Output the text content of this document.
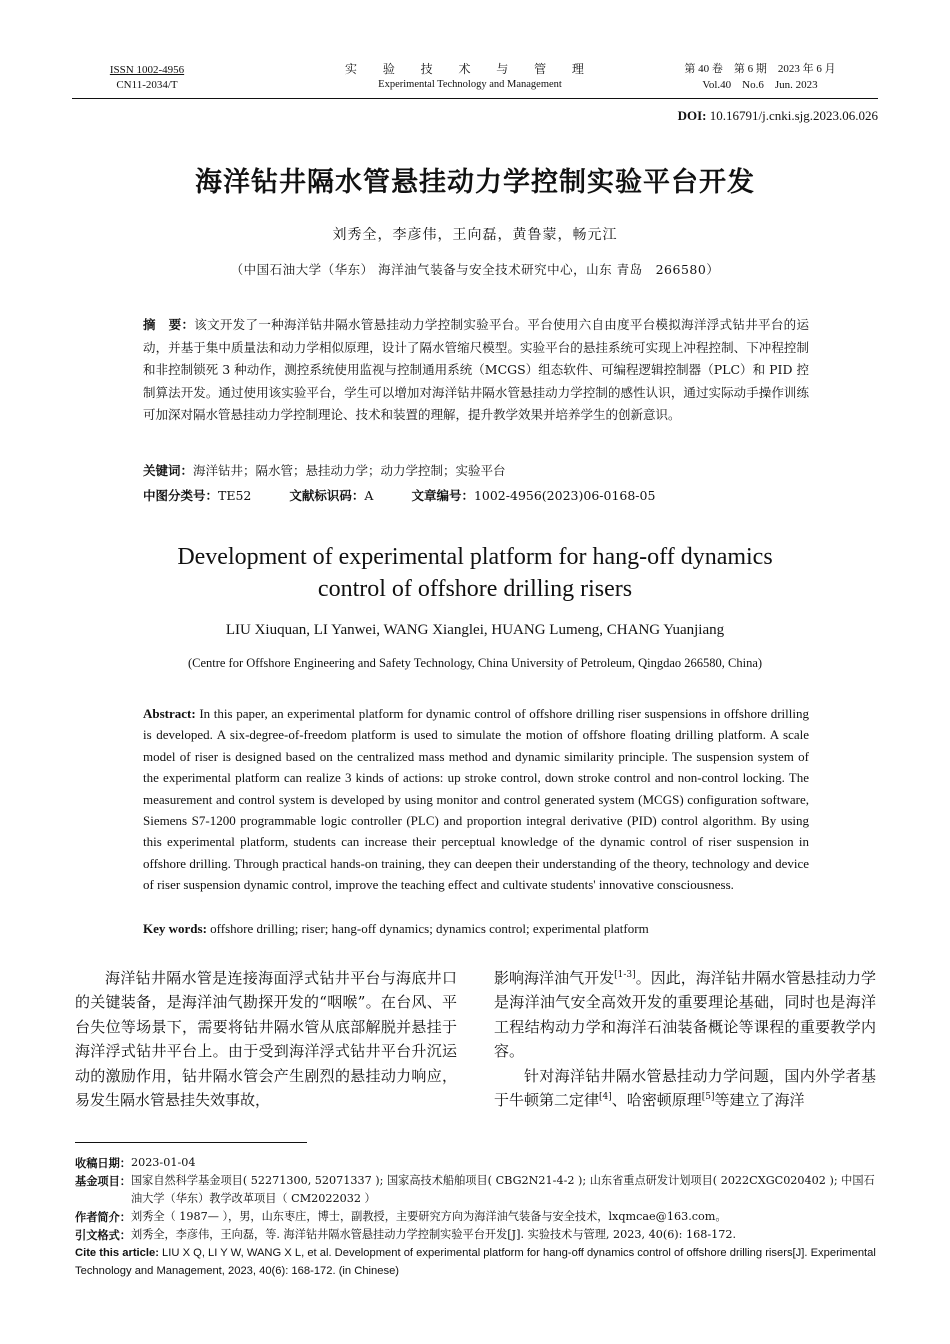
ISSN 1002-4956
CN11-2034/T
实 验 技 术 与 管 理
Experimental Technology and Management
第 40 卷　第 6 期　2023 年 6 月
Vol.40　No.6　Jun. 2023
DOI: 10.16791/j.cnki.sjg.2023.06.026
海洋钻井隔水管悬挂动力学控制实验平台开发
刘秀全，李彦伟，王向磊，黄鲁蒙，畅元江
（中国石油大学（华东） 海洋油气装备与安全技术研究中心，山东 青岛　266580）
摘　要：该文开发了一种海洋钻井隔水管悬挂动力学控制实验平台。平台使用六自由度平台模拟海洋浮式钻井平台的运动，并基于集中质量法和动力学相似原理，设计了隔水管缩尺模型。实验平台的悬挂系统可实现上冲程控制、下冲程控制和非控制锁死 3 种动作，测控系统使用监视与控制通用系统（MCGS）组态软件、可编程逻辑控制器（PLC）和 PID 控制算法开发。通过使用该实验平台，学生可以增加对海洋钻井隔水管悬挂动力学控制的感性认识，通过实际动手操作训练可加深对隔水管悬挂动力学控制理论、技术和装置的理解，提升教学效果并培养学生的创新意识。
关键词：海洋钻井；隔水管；悬挂动力学；动力学控制；实验平台
中图分类号：TE52	文献标识码：A	文章编号：1002-4956(2023)06-0168-05
Development of experimental platform for hang-off dynamics
control of offshore drilling risers
LIU Xiuquan, LI Yanwei, WANG Xianglei, HUANG Lumeng, CHANG Yuanjiang
(Centre for Offshore Engineering and Safety Technology, China University of Petroleum, Qingdao 266580, China)
Abstract: In this paper, an experimental platform for dynamic control of offshore drilling riser suspensions in offshore drilling is developed. A six-degree-of-freedom platform is used to simulate the motion of offshore floating drilling platform. A scale model of riser is designed based on the centralized mass method and dynamic similarity principle. The suspension system of the experimental platform can realize 3 kinds of actions: up stroke control, down stroke control and non-control locking. The measurement and control system is developed by using monitor and control generated system (MCGS) configuration software, Siemens S7-1200 programmable logic controller (PLC) and proportion integral derivative (PID) control algorithm. By using this experimental platform, students can increase their perceptual knowledge of the dynamic control of riser suspension in offshore drilling. Through practical hands-on training, they can deepen their understanding of the theory, technology and device of riser suspension dynamic control, improve the teaching effect and cultivate students' innovative consciousness.
Key words: offshore drilling; riser; hang-off dynamics; dynamics control; experimental platform

海洋钻井隔水管是连接海面浮式钻井平台与海底井口的关键装备，是海洋油气勘探开发的“咽喉”。在台风、平台失位等场景下，需要将钻井隔水管从底部解脱并悬挂于海洋浮式钻井平台上。由于受到海洋浮式钻井平台升沉运动的激励作用，钻井隔水管会产生剧烈的悬挂动力响应，易发生隔水管悬挂失效事故，

影响海洋油气开发[1-3]。因此，海洋钻井隔水管悬挂动力学是海洋油气安全高效开发的重要理论基础，同时也是海洋工程结构动力学和海洋石油装备概论等课程的重要教学内容。

针对海洋钻井隔水管悬挂动力学问题，国内外学者基于牛顿第二定律[4]、哈密顿原理[5]等建立了海洋

收稿日期： 2023-01-04
基金项目： 国家自然科学基金项目( 52271300, 52071337 ); 国家高技术船舶项目( CBG2N21-4-2 ); 山东省重点研发计划项目( 2022CXGC020402 ); 中国石油大学（华东）教学改革项目（ CM2022032 ）
作者简介： 刘秀全（ 1987— ），男，山东枣庄，博士，副教授，主要研究方向为海洋油气装备与安全技术，lxqmcae@163.com。
引文格式： 刘秀全，李彦伟，王向磊，等. 海洋钻井隔水管悬挂动力学控制实验平台开发[J]. 实验技术与管理, 2023, 40(6): 168-172.
Cite this article: LIU X Q, LI Y W, WANG X L, et al. Development of experimental platform for hang-off dynamics control of offshore drilling risers[J]. Experimental Technology and Management, 2023, 40(6): 168-172. (in Chinese)
